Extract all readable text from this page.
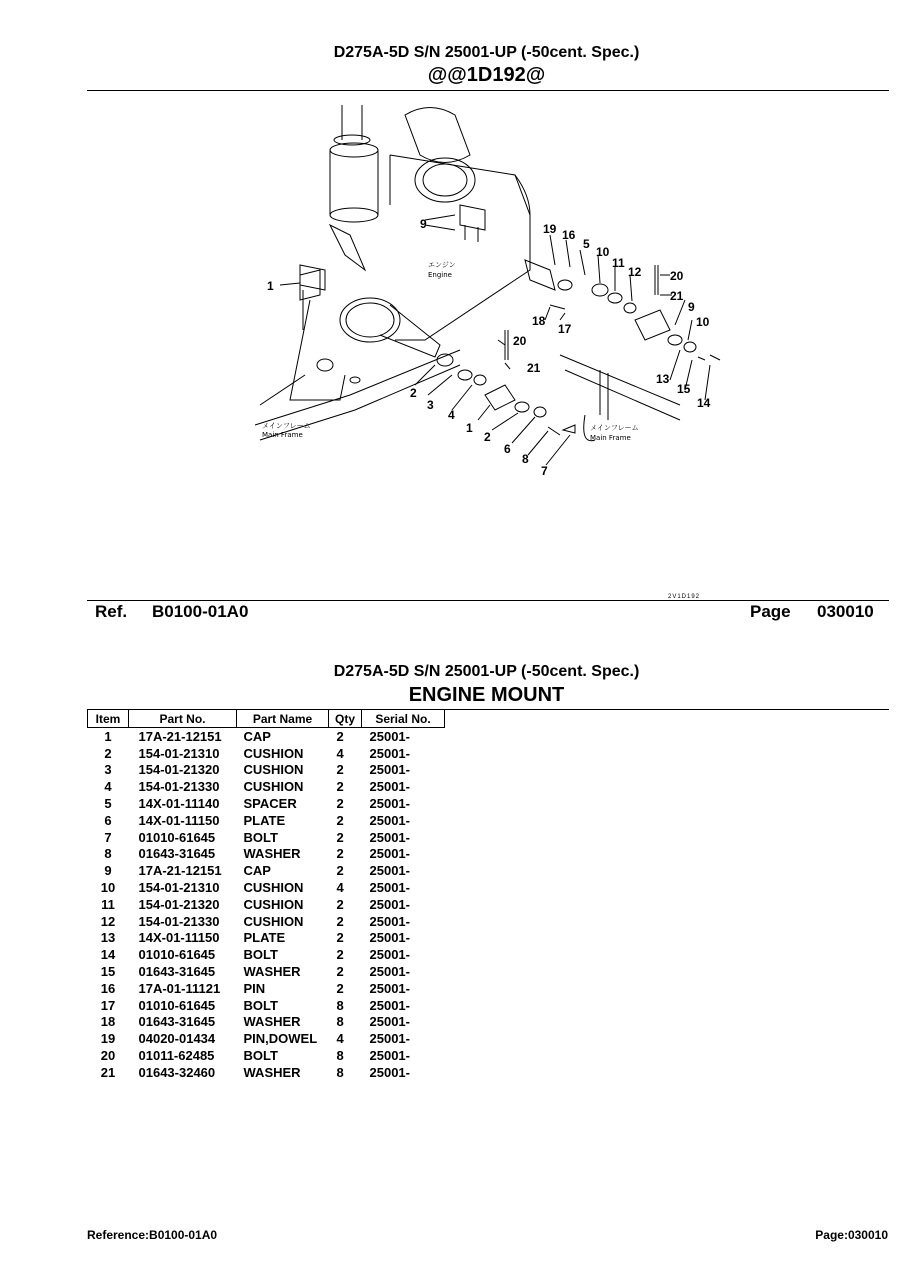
D275A-5D S/N 25001-UP (-50cent. Spec.)
@@1D192@
エンジン
Engine
メインフレーム
Main Frame
メインフレーム
Main Frame
9
1
19 16
5
10
11
12 20
21
9
10
18
17
20
21
13
15
14
2
3
4
1
2
6
8
7
2V1D192
Ref. B0100-01A0	Page 030010
D275A-5D S/N 25001-UP (-50cent. Spec.)
ENGINE MOUNT
Item	Part No.	Part Name	Qty	Serial No.
1	17A-21-12151	CAP	2	25001-
2	154-01-21310	CUSHION	4	25001-
3	154-01-21320	CUSHION	2	25001-
4	154-01-21330	CUSHION	2	25001-
5	14X-01-11140	SPACER	2	25001-
6	14X-01-11150	PLATE	2	25001-
7	01010-61645	BOLT	2	25001-
8	01643-31645	WASHER	2	25001-
9	17A-21-12151	CAP	2	25001-
10	154-01-21310	CUSHION	4	25001-
11	154-01-21320	CUSHION	2	25001-
12	154-01-21330	CUSHION	2	25001-
13	14X-01-11150	PLATE	2	25001-
14	01010-61645	BOLT	2	25001-
15	01643-31645	WASHER	2	25001-
16	17A-01-11121	PIN	2	25001-
17	01010-61645	BOLT	8	25001-
18	01643-31645	WASHER	8	25001-
19	04020-01434	PIN,DOWEL	4	25001-
20	01011-62485	BOLT	8	25001-
21	01643-32460	WASHER	8	25001-
Reference:B0100-01A0	Page:030010
